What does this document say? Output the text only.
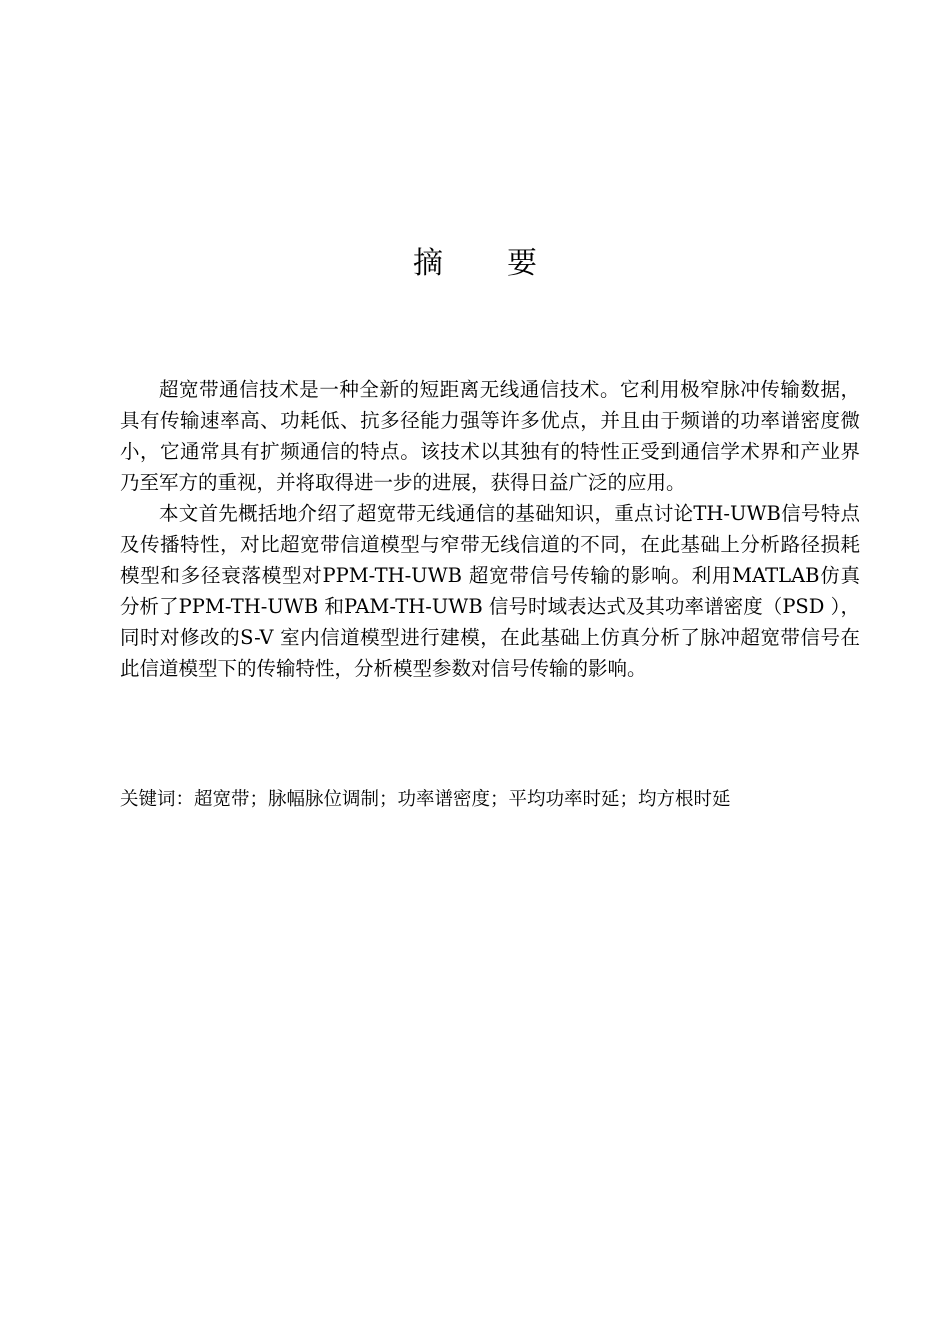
摘 要

超宽带通信技术是一种全新的短距离无线通信技术。它利用极窄脉冲传输数据，具有传输速率高、功耗低、抗多径能力强等许多优点，并且由于频谱的功率谱密度微小，它通常具有扩频通信的特点。该技术以其独有的特性正受到通信学术界和产业界乃至军方的重视，并将取得进一步的进展，获得日益广泛的应用。

本文首先概括地介绍了超宽带无线通信的基础知识，重点讨论TH-UWB信号特点及传播特性，对比超宽带信道模型与窄带无线信道的不同，在此基础上分析路径损耗模型和多径衰落模型对PPM-TH-UWB 超宽带信号传输的影响。利用MATLAB仿真分析了PPM-TH-UWB 和PAM-TH-UWB 信号时域表达式及其功率谱密度（PSD ），同时对修改的S-V 室内信道模型进行建模，在此基础上仿真分析了脉冲超宽带信号在此信道模型下的传输特性，分析模型参数对信号传输的影响。

关键词：超宽带；脉幅脉位调制；功率谱密度；平均功率时延；均方根时延
